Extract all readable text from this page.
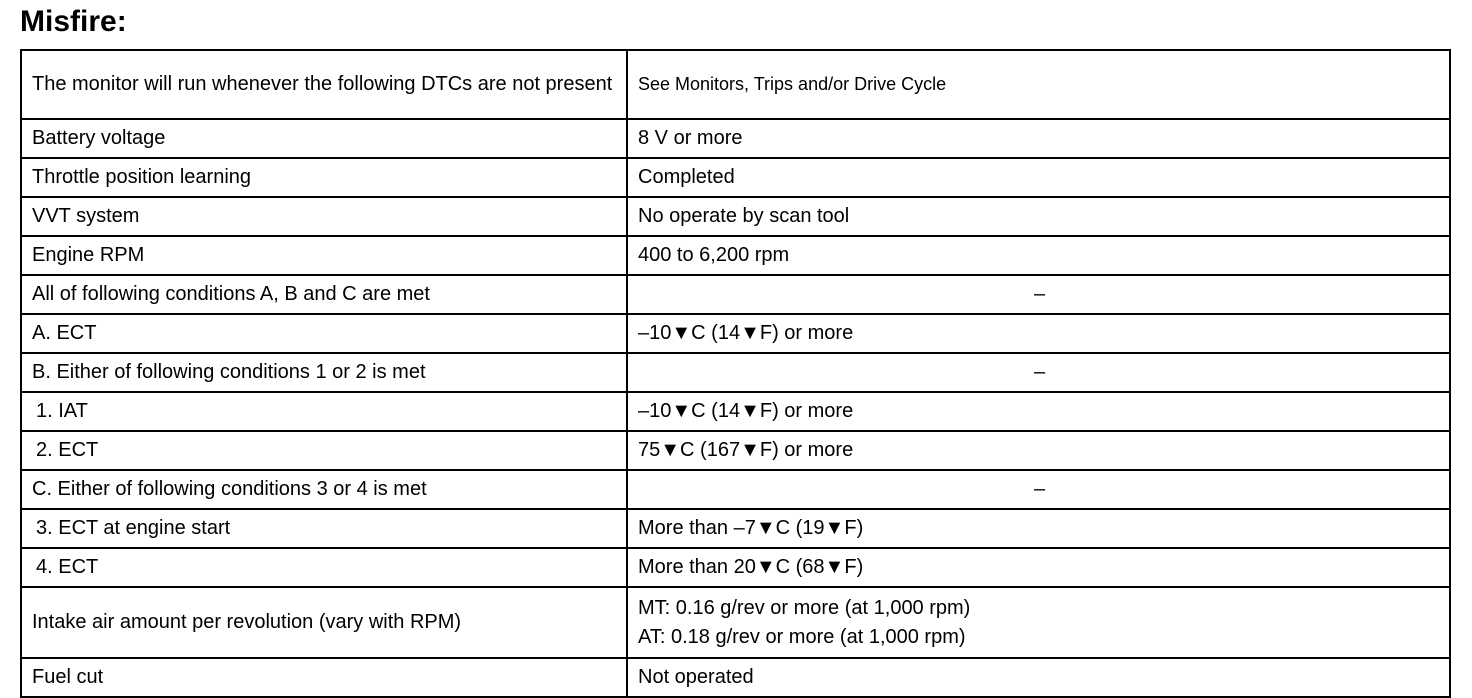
Misfire:
The monitor will run whenever the following DTCs are not present	See Monitors, Trips and/or Drive Cycle
Battery voltage	8 V or more
Throttle position learning	Completed
VVT system	No operate by scan tool
Engine RPM	400 to 6,200 rpm
All of following conditions A, B and C are met	–
A. ECT	–10▼C (14▼F) or more
B. Either of following conditions 1 or 2 is met	–
1. IAT	–10▼C (14▼F) or more
2. ECT	75▼C (167▼F) or more
C. Either of following conditions 3 or 4 is met	–
3. ECT at engine start	More than –7▼C (19▼F)
4. ECT	More than 20▼C (68▼F)
Intake air amount per revolution (vary with RPM)	MT: 0.16 g/rev or more (at 1,000 rpm)
AT: 0.18 g/rev or more (at 1,000 rpm)

Fuel cut	Not operated
